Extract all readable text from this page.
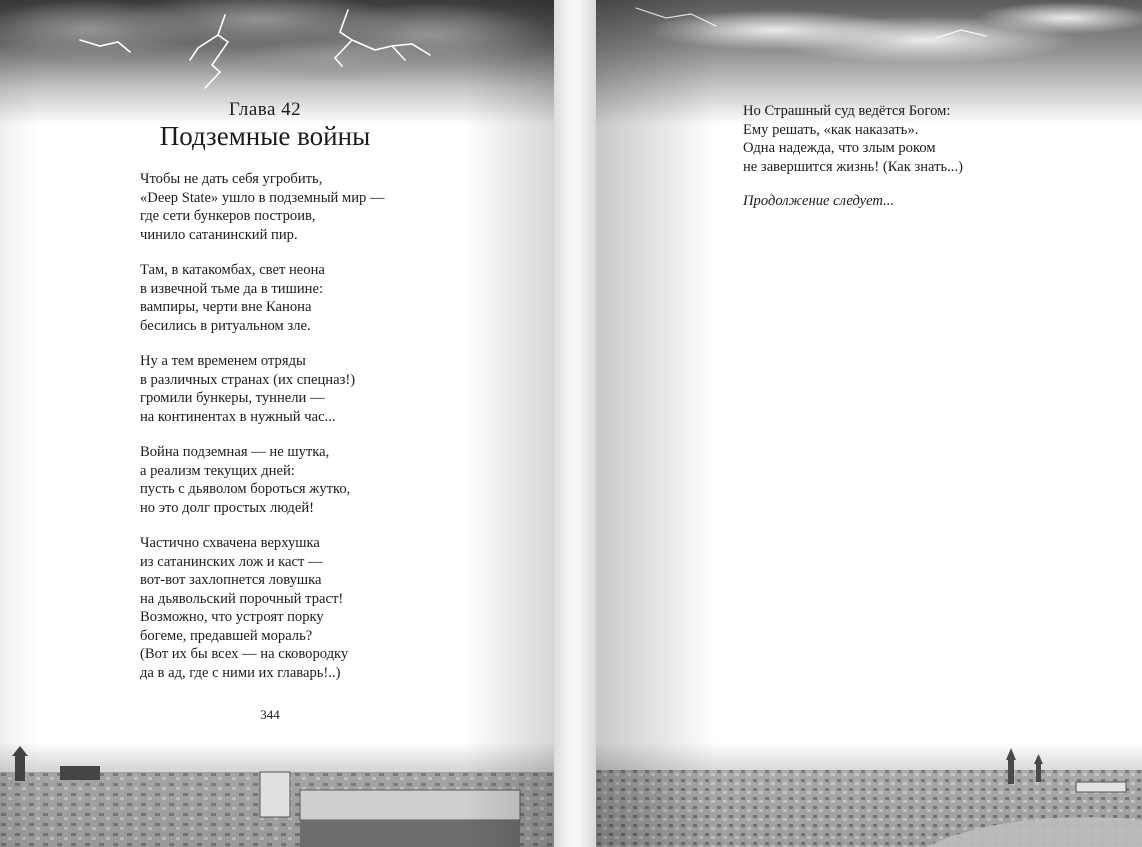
Глава 42
Подземные войны
Чтобы не дать себя угробить,
«Deep State» ушло в подземный мир —
где сети бункеров построив,
чинило сатанинский пир.
Там, в катакомбах, свет неона
в извечной тьме да в тишине:
вампиры, черти вне Канона
бесились в ритуальном зле.
Ну а тем временем отряды
в различных странах (их спецназ!)
громили бункеры, туннели —
на континентах в нужный час...
Война подземная — не шутка,
а реализм текущих дней:
пусть с дьяволом бороться жутко,
но это долг простых людей!
Частично схвачена верхушка
из сатанинских лож и каст —
вот-вот захлопнется ловушка
на дьявольский порочный траст!
Возможно, что устроят порку
богеме, предавшей мораль?
(Вот их бы всех — на сковородку
да в ад, где с ними их главарь!..)
344
Но Страшный суд ведётся Богом:
Ему решать, «как наказать».
Одна надежда, что злым роком
не завершится жизнь! (Как знать...)
Продолжение следует...
